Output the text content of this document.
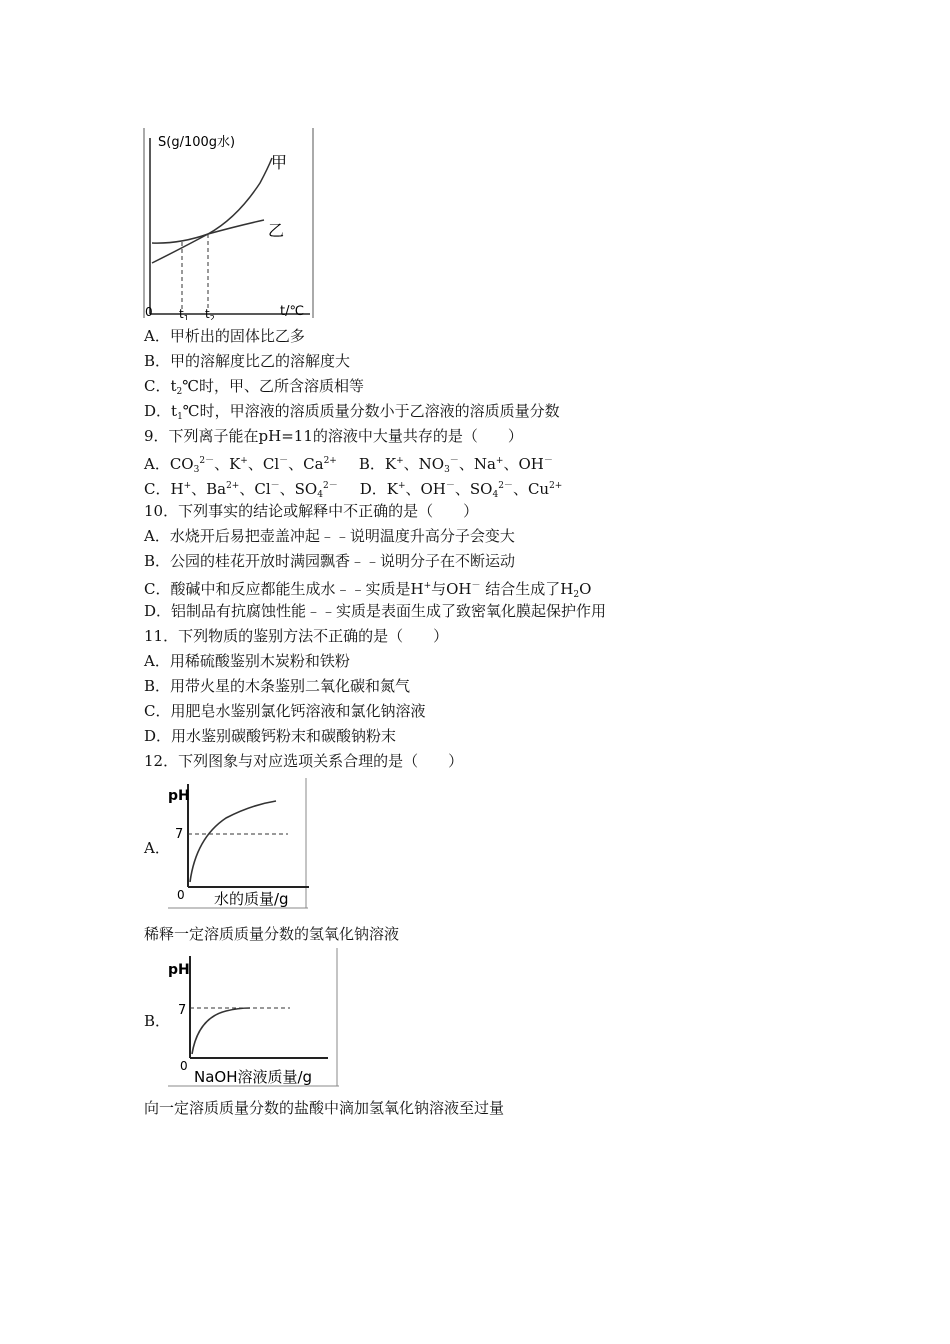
S(g/100g水)
t/℃
0 $t_1$ $t_2$
甲
乙
A．甲析出的固体比乙多
B．甲的溶解度比乙的溶解度大
C．$t_2℃$时，甲、乙所含溶质相等
D．$t_1℃$时，甲溶液的溶质质量分数小于乙溶液的溶质质量分数
9．下列离子能在pH=11的溶液中大量共存的是（　　）
A．$CO_3^{2-}$、K+、Cl－、$Ca^{2+}$ B．K+、$NO_3^-$、Na+、OH－
C．H+、$Ba^{2+}$、Cl－、$SO_4^{2-}$ D．K+、OH－、$SO_4^{2-}$、$Cu^{2+}$
10．下列事实的结论或解释中不正确的是（　　）
A．水烧开后易把壶盖冲起﹣﹣说明温度升高分子会变大
B．公园的桂花开放时满园飘香﹣﹣说明分子在不断运动
C．酸碱中和反应都能生成水﹣﹣实质是H+与OH－ 结合生成了$H_2O$
D．铝制品有抗腐蚀性能﹣﹣实质是表面生成了致密氧化膜起保护作用
11．下列物质的鉴别方法不正确的是（　　）
A．用稀硫酸鉴别木炭粉和铁粉
B．用带火星的木条鉴别二氧化碳和氮气
C．用肥皂水鉴别氯化钙溶液和氯化钠溶液
D．用水鉴别碳酸钙粉末和碳酸钠粉末
12．下列图象与对应选项关系合理的是（　　）
A．
pH
7
0 水的质量/g
稀释一定溶质质量分数的氢氧化钠溶液
B．
pH
7
0
NaOH溶液质量/g
向一定溶质质量分数的盐酸中滴加氢氧化钠溶液至过量
